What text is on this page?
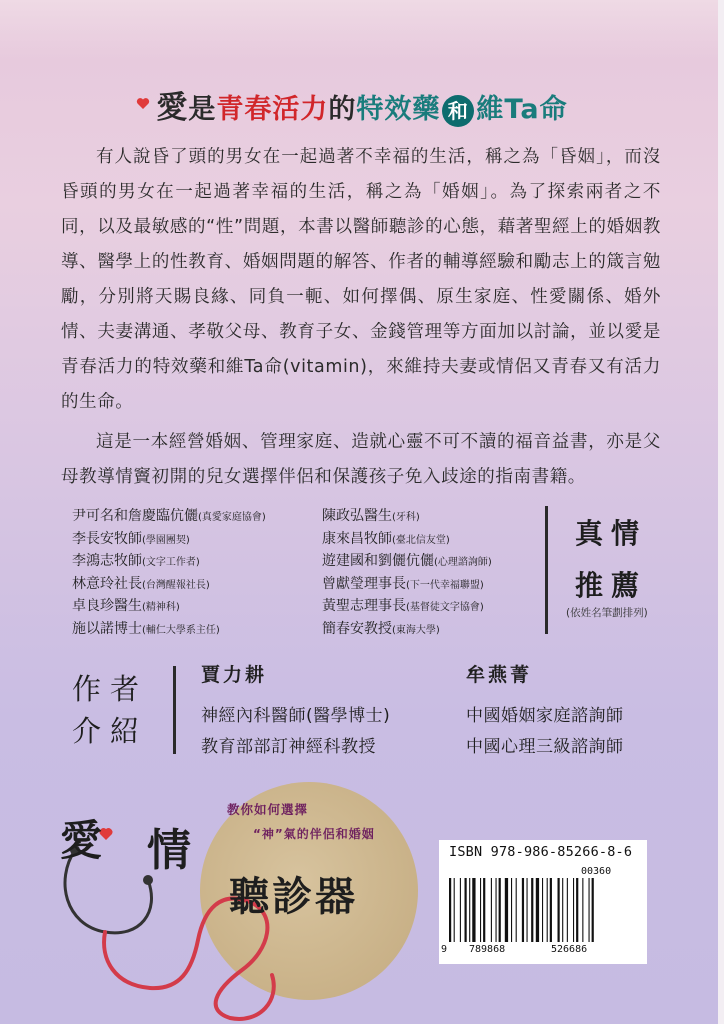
愛是青春活力的特效藥 和 維Ta命

有人說昏了頭的男女在一起過著不幸福的生活，稱之為「昏姻」，而沒昏頭的男女在一起過著幸福的生活，稱之為「婚姻」。為了探索兩者之不同，以及最敏感的“性”問題，本書以醫師聽診的心態，藉著聖經上的婚姻教導、醫學上的性教育、婚姻問題的解答、作者的輔導經驗和勵志上的箴言勉勵，分別將天賜良緣、同負一軛、如何擇偶、原生家庭、性愛關係、婚外情、夫妻溝通、孝敬父母、教育子女、金錢管理等方面加以討論，並以愛是青春活力的特效藥和維Ta命(vitamin)，來維持夫妻或情侶又青春又有活力的生命。

這是一本經營婚姻、管理家庭、造就心靈不可不讀的福音益書，亦是父母教導情竇初開的兒女選擇伴侶和保護孩子免入歧途的指南書籍。

尹可名和詹慶臨伉儷(真愛家庭協會)
李長安牧師(學園團契)
李鴻志牧師(文字工作者)
林意玲社長(台灣醒報社長)
卓良珍醫生(精神科)
施以諾博士(輔仁大學系主任)
陳政弘醫生(牙科)
康來昌牧師(臺北信友堂)
遊建國和劉儷伉儷(心理諮詢師)
曾獻瑩理事長(下一代幸福聯盟)
黃聖志理事長(基督徒文字協會)
簡春安教授(東海大學)
真情
推薦
(依姓名筆劃排列)
作者
介紹
賈力耕
神經內科醫師(醫學博士)
教育部部訂神經科教授
牟燕菁
中國婚姻家庭諮詢師
中國心理三級諮詢師
教你如何選擇
“神”氣的伴侶和婚姻
愛 情
聽診器
ISBN 978-986-85266-8-6
00360
9 789868	526686
